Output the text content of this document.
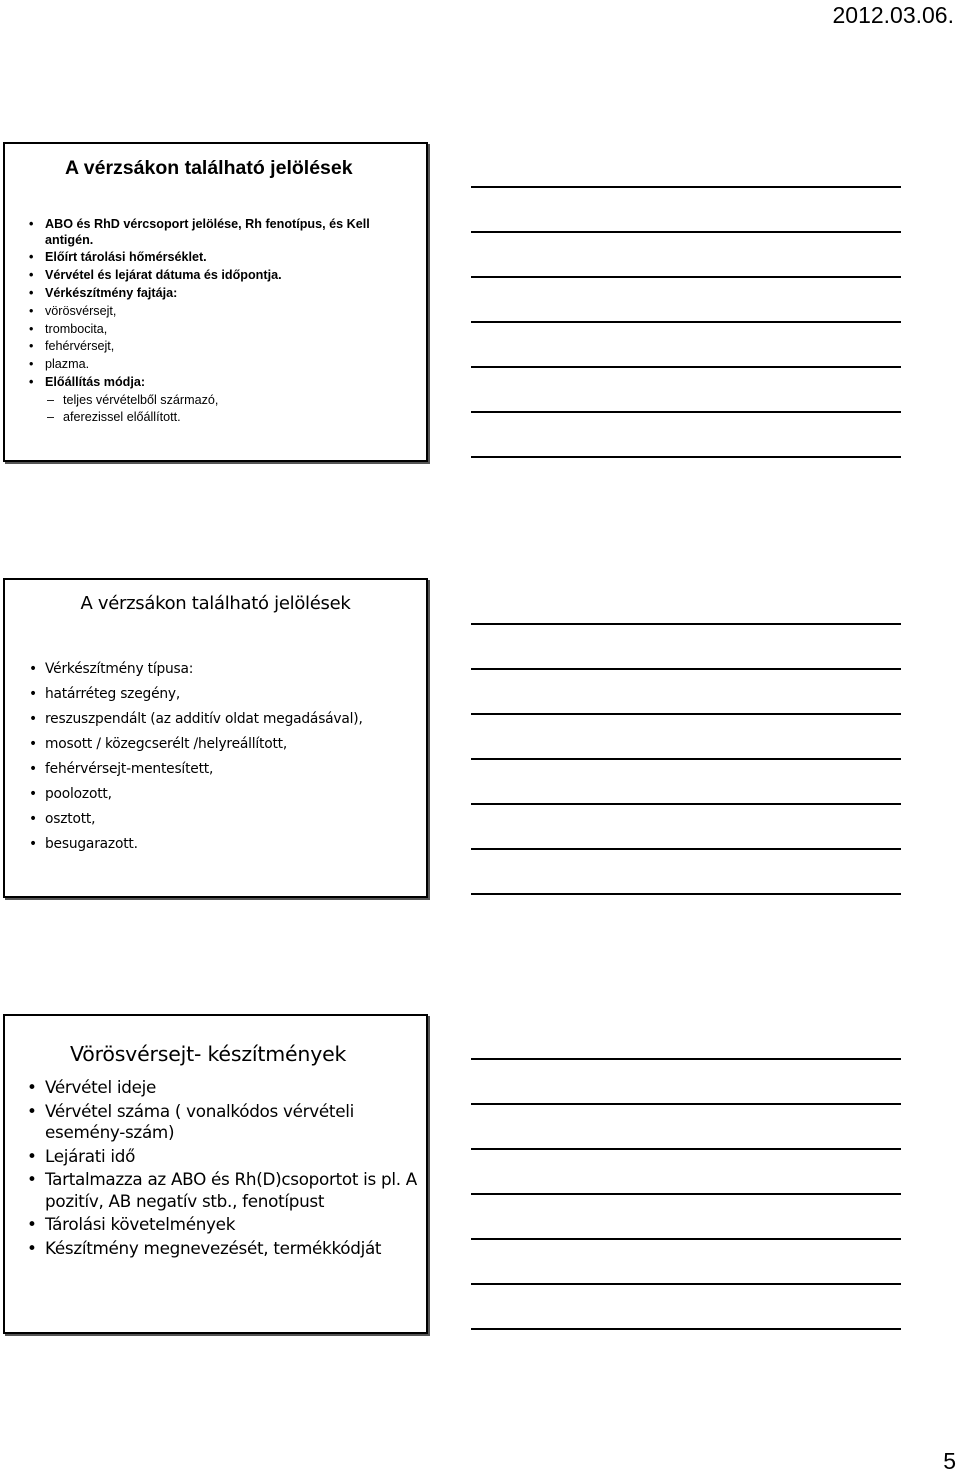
2012.03.06.
A vérzsákon található jelölések
• ABO és RhD vércsoport jelölése, Rh fenotípus, és Kell antigén.
• Előírt tárolási hőmérséklet.
• Vérvétel és lejárat dátuma és időpontja.
• Vérkészítmény fajtája:
• vörösvérsejt,
• trombocita,
• fehérvérsejt,
• plazma.
• Előállítás módja:
– teljes vérvételből származó,
– aferezissel előállított.
A vérzsákon található jelölések
• Vérkészítmény típusa:
• határréteg szegény,
• reszuszpendált (az additív oldat megadásával),
• mosott / közegcserélt /helyreállított,
• fehérvérsejt-mentesített,
• poolozott,
• osztott,
• besugarazott.
Vörösvérsejt- készítmények
• Vérvétel ideje
• Vérvétel száma ( vonalkódos vérvételi esemény-szám)
• Lejárati idő
• Tartalmazza az ABO és Rh(D)csoportot is pl. A pozitív, AB negatív stb., fenotípust
• Tárolási követelmények
• Készítmény megnevezését, termékkódját
5
